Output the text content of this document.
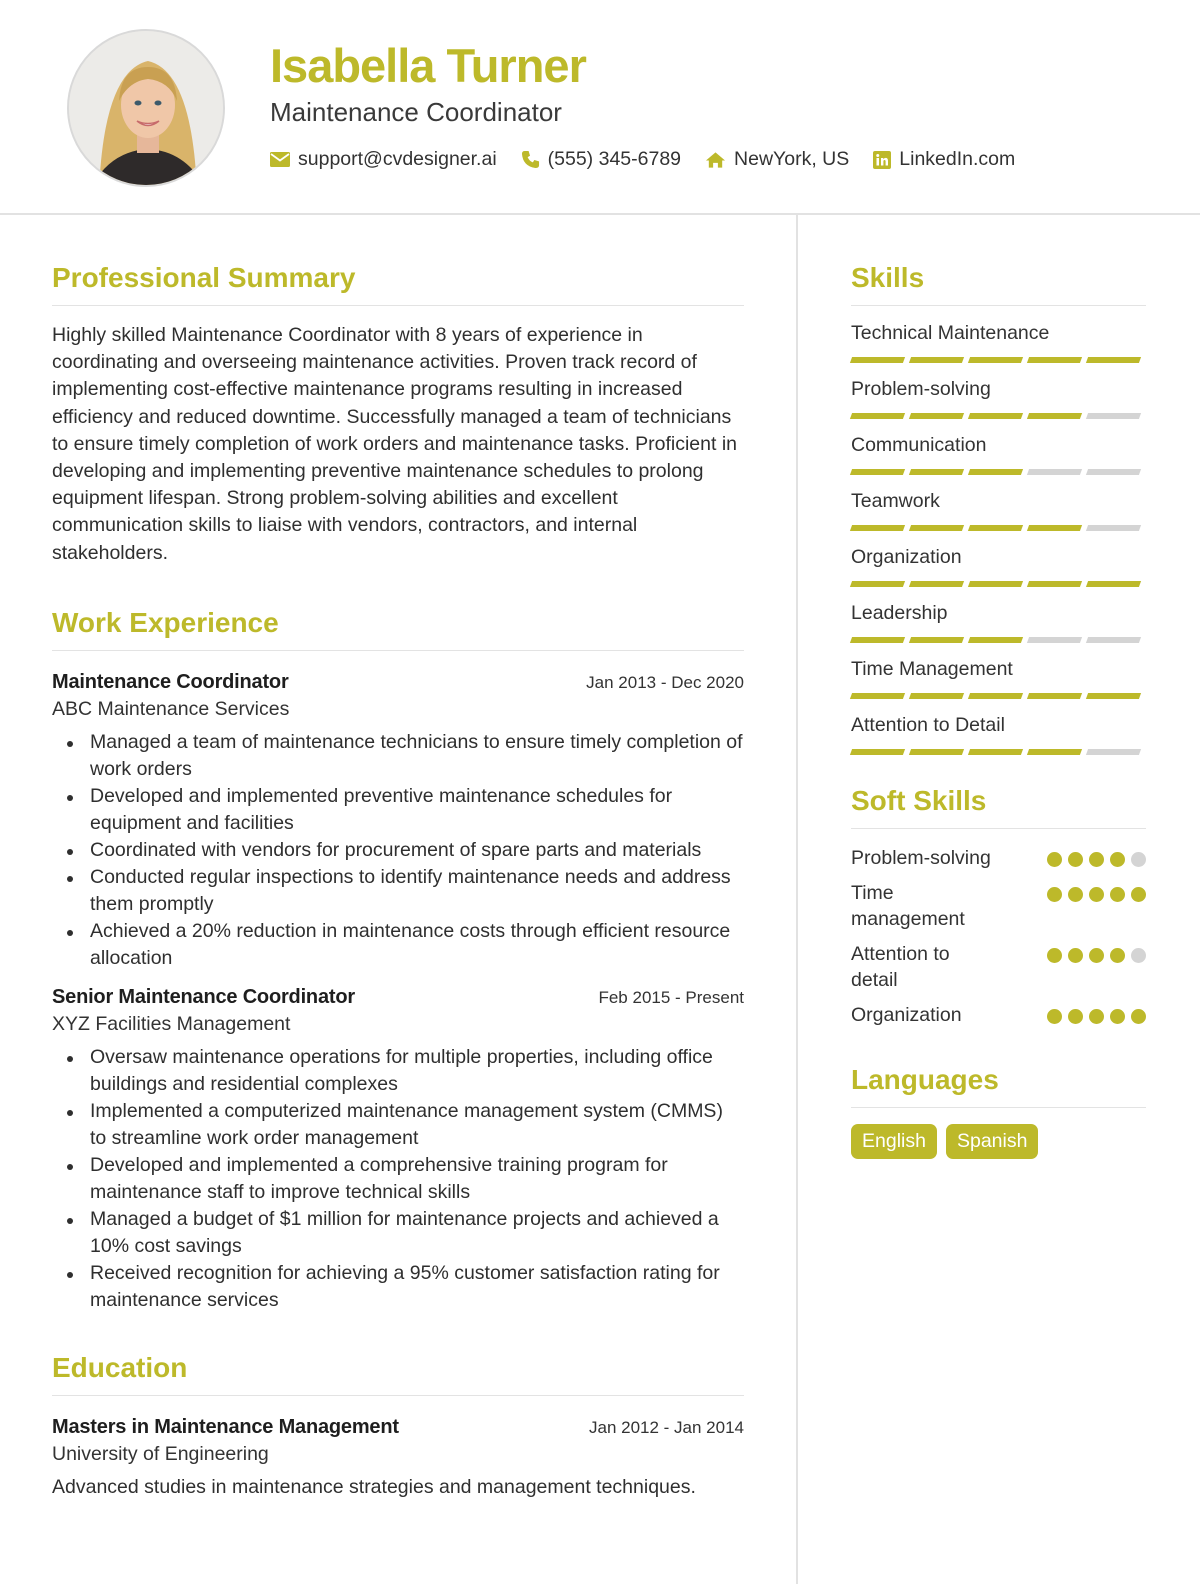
Isabella Turner
Maintenance Coordinator
support@cvdesigner.ai	(555) 345-6789	NewYork, US	LinkedIn.com
Professional Summary

Highly skilled Maintenance Coordinator with 8 years of experience in coordinating and overseeing maintenance activities. Proven track record of implementing cost-effective maintenance programs resulting in increased efficiency and reduced downtime. Successfully managed a team of technicians to ensure timely completion of work orders and maintenance tasks. Proficient in developing and implementing preventive maintenance schedules to prolong equipment lifespan. Strong problem-solving abilities and excellent communication skills to liaise with vendors, contractors, and internal stakeholders.

Work Experience
Maintenance Coordinator	Jan 2013 - Dec 2020
ABC Maintenance Services
Managed a team of maintenance technicians to ensure timely completion of work orders
Developed and implemented preventive maintenance schedules for equipment and facilities
Coordinated with vendors for procurement of spare parts and materials
Conducted regular inspections to identify maintenance needs and address them promptly
Achieved a 20% reduction in maintenance costs through efficient resource allocation
Senior Maintenance Coordinator	Feb 2015 - Present
XYZ Facilities Management
Oversaw maintenance operations for multiple properties, including office buildings and residential complexes
Implemented a computerized maintenance management system (CMMS) to streamline work order management
Developed and implemented a comprehensive training program for maintenance staff to improve technical skills
Managed a budget of $1 million for maintenance projects and achieved a 10% cost savings
Received recognition for achieving a 95% customer satisfaction rating for maintenance services
Education
Masters in Maintenance Management	Jan 2012 - Jan 2014
University of Engineering

Advanced studies in maintenance strategies and management techniques.

Skills
Technical Maintenance
Problem-solving
Communication
Teamwork
Organization
Leadership
Time Management
Attention to Detail
Soft Skills
Problem-solving
Time management
Attention to detail
Organization
Languages
English	Spanish
